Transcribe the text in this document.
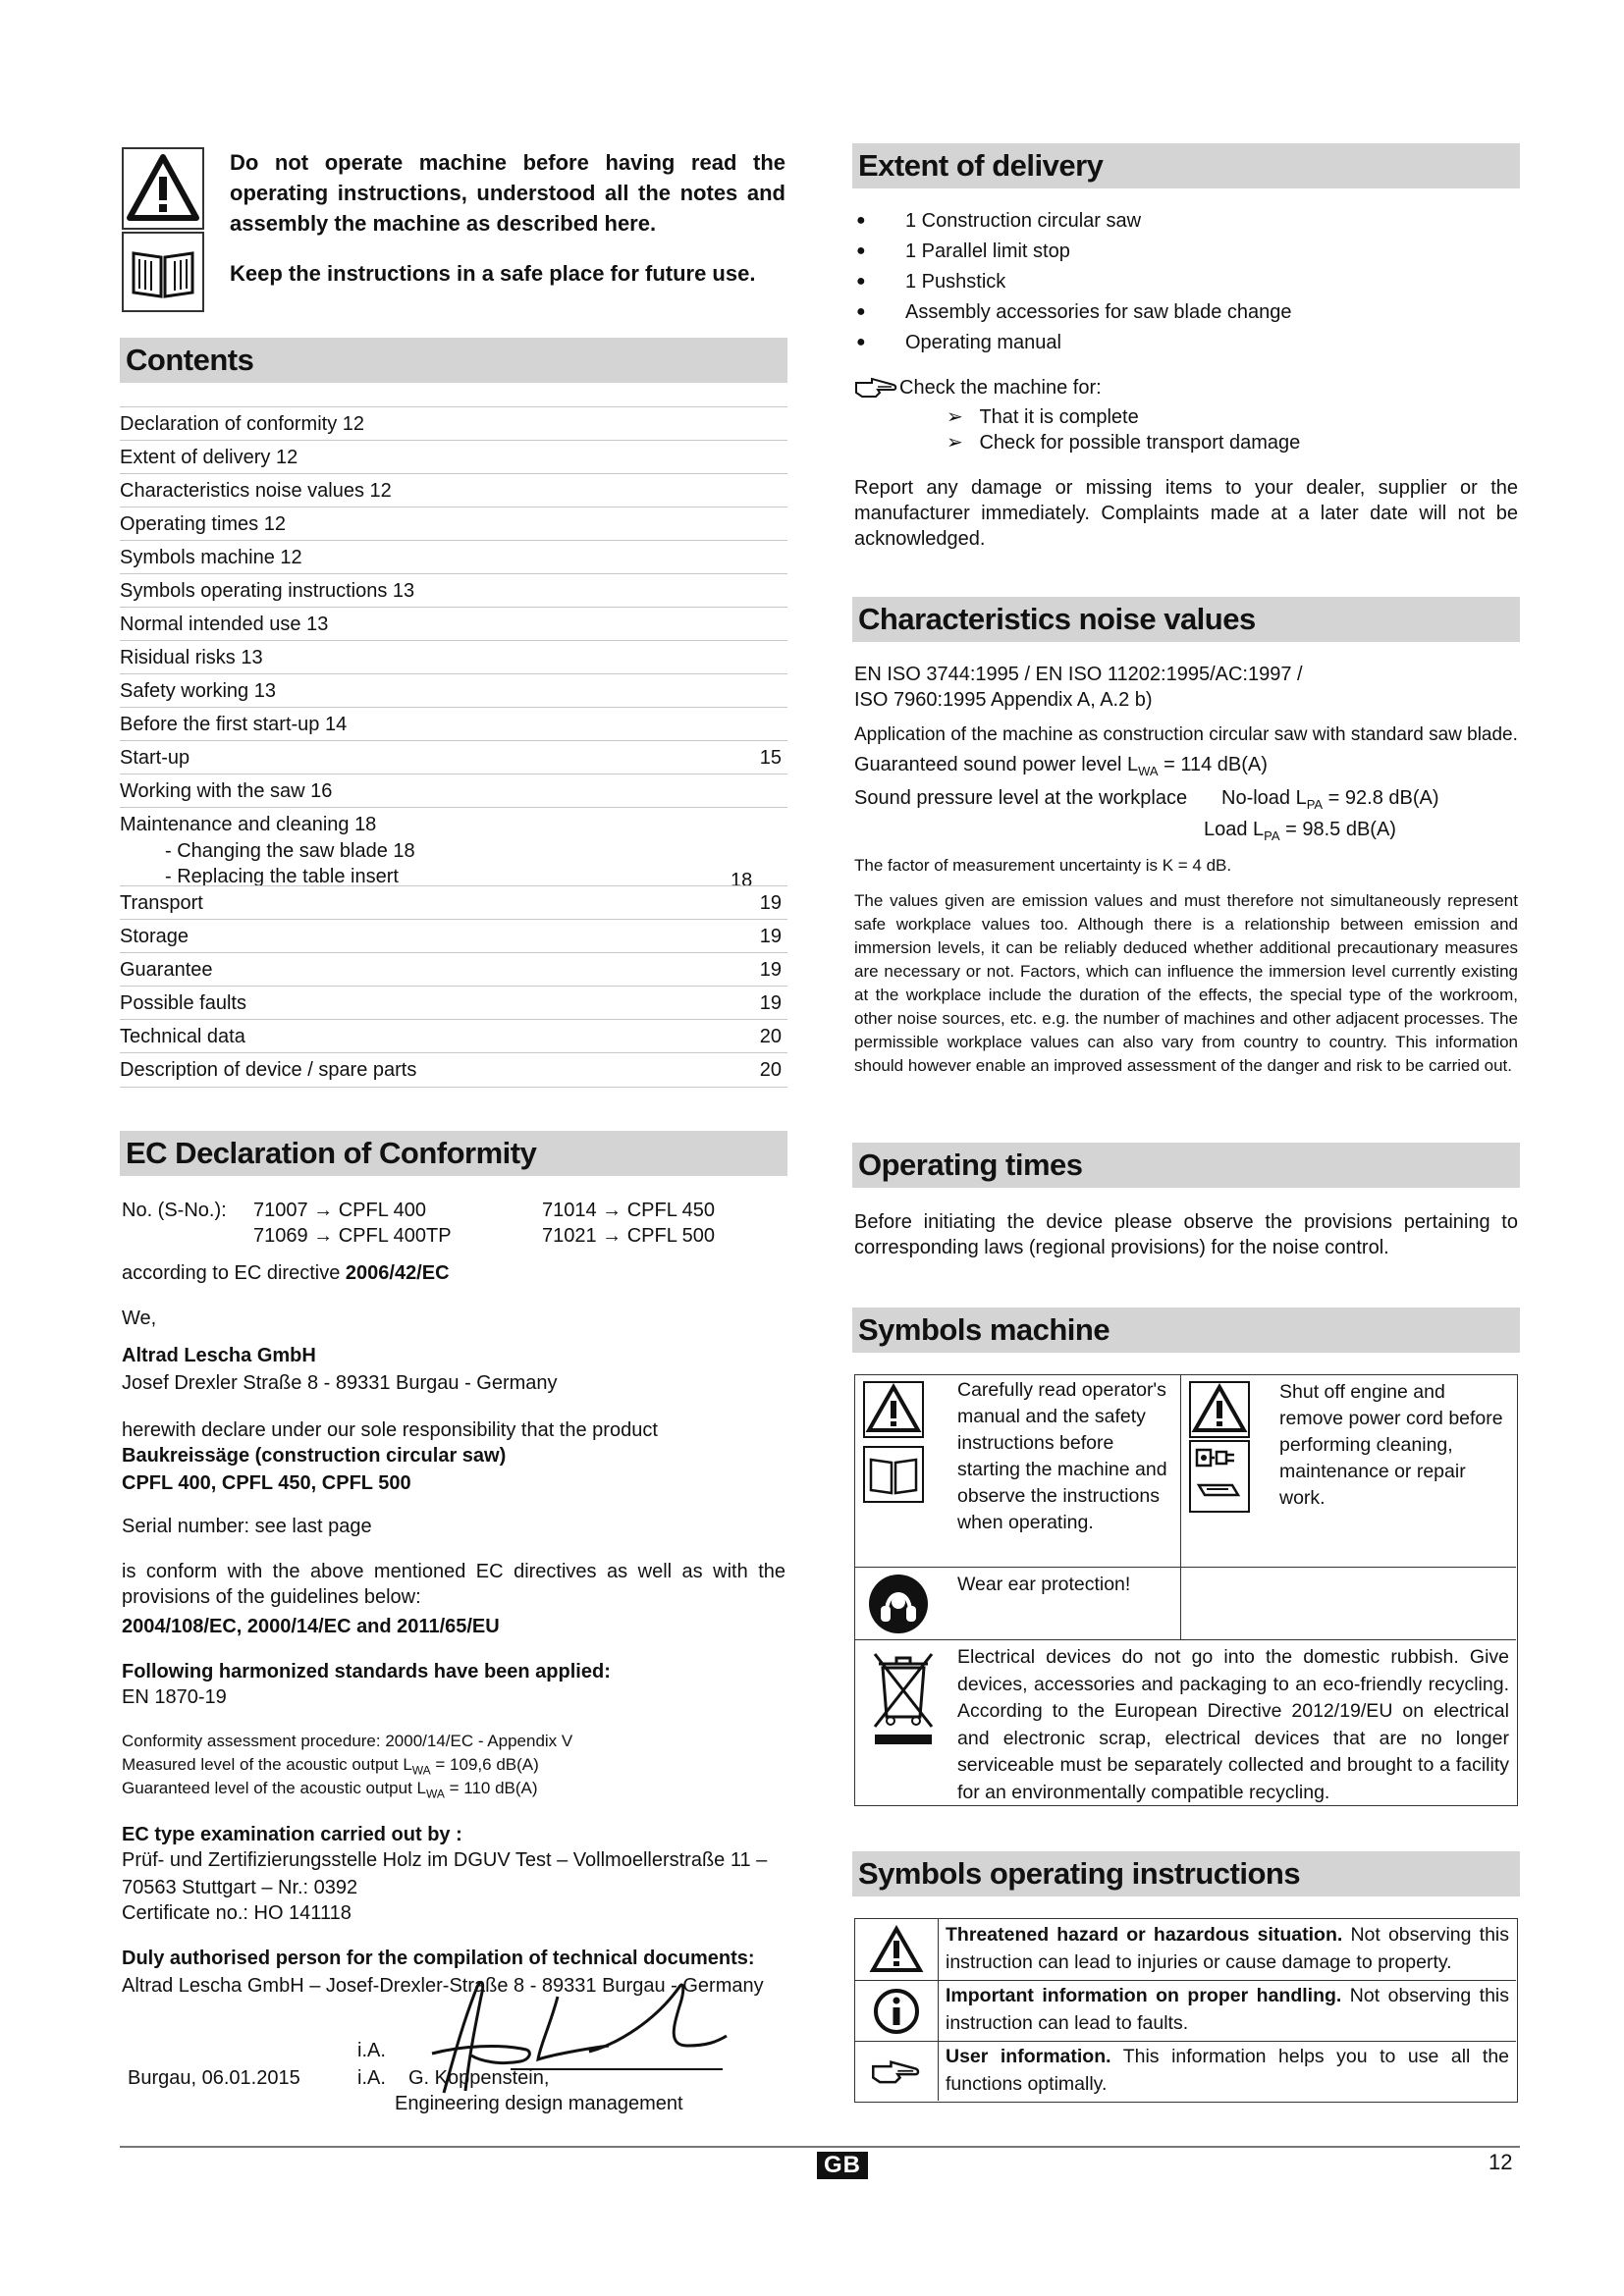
Do not operate machine before having read the operating instructions, understood all the notes and assembly the machine as described here.
Keep the instructions in a safe place for future use.
Contents
Declaration of conformity 12
Extent of delivery 12
Characteristics noise values 12
Operating times 12
Symbols machine 12
Symbols operating instructions 13
Normal intended use 13
Risidual risks 13
Safety working 13
Before the first start-up 14
Start-up	15
Working with the saw 16
Maintenance and cleaning 18
- Changing the saw blade 18
- Replacing the table insert	18
Transport	19
Storage	19
Guarantee	19
Possible faults	19
Technical data	20
Description of device / spare parts	20
EC Declaration of Conformity
No. (S-No.): 71007 → CPFL 400
71069 → CPFL 400TP
71014 → CPFL 450
71021 → CPFL 500
according to EC directive 2006/42/EC
We,
Altrad Lescha GmbH
Josef Drexler Straße 8 - 89331 Burgau - Germany
herewith declare under our sole responsibility that the product
Baukreissäge (construction circular saw)
CPFL 400, CPFL 450, CPFL 500
Serial number: see last page
is conform with the above mentioned EC directives as well as with the provisions of the guidelines below:
2004/108/EC, 2000/14/EC and 2011/65/EU
Following harmonized standards have been applied:
EN 1870-19
Conformity assessment procedure: 2000/14/EC - Appendix V
Measured level of the acoustic output $L_{WA} = 109,6$ dB(A)
Guaranteed level of the acoustic output $L_{WA} = 110$ dB(A)
EC type examination carried out by :
Prüf- und Zertifizierungsstelle Holz im DGUV Test – Vollmoellerstraße 11 –
70563 Stuttgart – Nr.: 0392
Certificate no.: HO 141118
Duly authorised person for the compilation of technical documents:
Altrad Lescha GmbH – Josef-Drexler-Straße 8 - 89331 Burgau - Germany
i.A.
Burgau, 06.01.2015	i.A. G. Koppenstein,
Engineering design management
Extent of delivery
● 1 Construction circular saw
● 1 Parallel limit stop
● 1 Pushstick
● Assembly accessories for saw blade change
● Operating manual
Check the machine for:
➢ That it is complete
➢ Check for possible transport damage
Report any damage or missing items to your dealer, supplier or the manufacturer immediately. Complaints made at a later date will not be acknowledged.
Characteristics noise values
EN ISO 3744:1995 / EN ISO 11202:1995/AC:1997 /
ISO 7960:1995 Appendix A, A.2 b)
Application of the machine as construction circular saw with standard saw blade.
Guaranteed sound power level $L_{WA} = 114$ dB(A)
Sound pressure level at the workplace No-load $L_{PA} = 92.8$ dB(A)
Load $L_{PA} = 98.5$ dB(A)
The factor of measurement uncertainty is K = 4 dB.
The values given are emission values and must therefore not simultaneously represent safe workplace values too. Although there is a relationship between emission and immersion levels, it can be reliably deduced whether additional precautionary measures are necessary or not. Factors, which can influence the immersion level currently existing at the workplace include the duration of the effects, the special type of the workroom, other noise sources, etc. e.g. the number of machines and other adjacent processes. The permissible workplace values can also vary from country to country. This information should however enable an improved assessment of the danger and risk to be carried out.
Operating times
Before initiating the device please observe the provisions pertaining to corresponding laws (regional provisions) for the noise control.
Symbols machine
Carefully read operator's manual and the safety instructions before starting the machine and observe the instructions when operating.
Shut off engine and remove power cord before performing cleaning, maintenance or repair work.
Wear ear protection!
Electrical devices do not go into the domestic rubbish. Give devices, accessories and packaging to an eco-friendly recycling. According to the European Directive 2012/19/EU on electrical and electronic scrap, electrical devices that are no longer serviceable must be separately collected and brought to a facility for an environmentally compatible recycling.
Symbols operating instructions
Threatened hazard or hazardous situation. Not observing this instruction can lead to injuries or cause damage to property.
Important information on proper handling. Not observing this instruction can lead to faults.
User information. This information helps you to use all the functions optimally.
GB	12
